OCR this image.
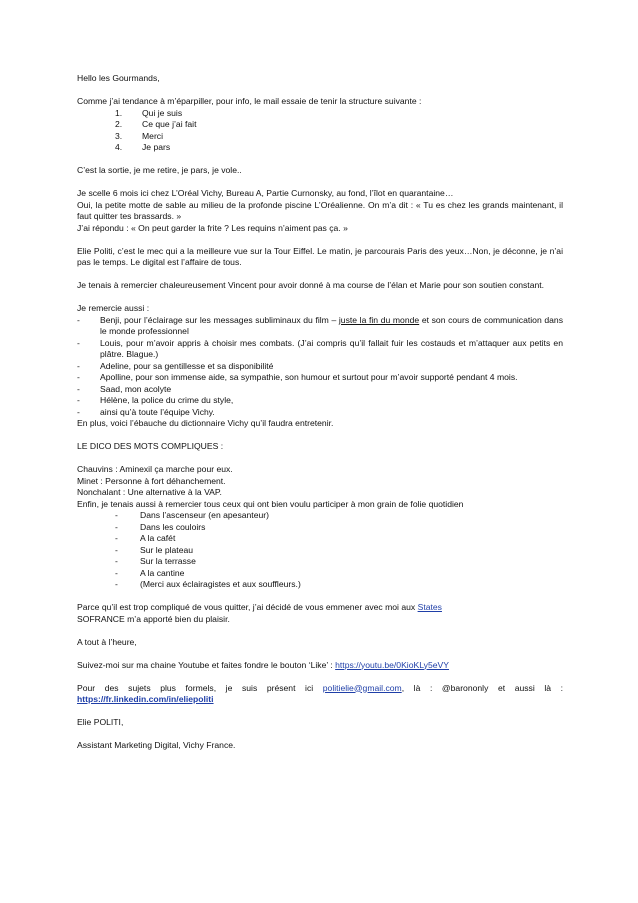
Hello les Gourmands,

Comme j’ai tendance à m’éparpiller, pour info, le mail essaie de tenir la structure suivante :

1.	Qui je suis
2.	Ce que j’ai fait
3.	Merci
4.	Je pars

C’est la sortie, je me retire, je pars, je vole..

Je scelle 6 mois ici chez L’Oréal Vichy, Bureau A, Partie Curnonsky, au fond, l’îlot en quarantaine…

Oui, la petite motte de sable au milieu de la profonde piscine L’Oréalienne. On m’a dit : « Tu es chez les grands maintenant, il faut quitter tes brassards. »

J’ai répondu : « On peut garder la frite ? Les requins n’aiment pas ça. »

Elie Politi, c’est le mec qui a la meilleure vue sur la Tour Eiffel. Le matin, je parcourais Paris des yeux…Non, je déconne, je n’ai pas le temps. Le digital est l’affaire de tous.

Je tenais à remercier chaleureusement Vincent pour avoir donné à ma course de l’élan et Marie pour son soutien constant.

Je remercie aussi :

-	Benji, pour l’éclairage sur les messages subliminaux du film – juste la fin du monde et son cours de communication dans le monde professionnel
-	Louis, pour m’avoir appris à choisir mes combats. (J’ai compris qu’il fallait fuir les costauds et m’attaquer aux petits en plâtre. Blague.)
-	Adeline, pour sa gentillesse et sa disponibilité
-	Apolline, pour son immense aide, sa sympathie, son humour et surtout pour m’avoir supporté pendant 4 mois.
-	Saad, mon acolyte
-	Hélène, la police du crime du style,
-	ainsi qu’à toute l’équipe Vichy.

En plus, voici l’ébauche du dictionnaire Vichy qu’il faudra entretenir.

LE DICO DES MOTS COMPLIQUES :

Chauvins : Aminexil ça marche pour eux.

Minet : Personne à fort déhanchement.

Nonchalant : Une alternative à la VAP.

Enfin, je tenais aussi à remercier tous ceux qui ont bien voulu participer à mon grain de folie quotidien

-	Dans l’ascenseur (en apesanteur)
-	Dans les couloirs
-	A la cafét
-	Sur le plateau
-	Sur la terrasse
-	A la cantine
-	(Merci aux éclairagistes et aux souffleurs.)

Parce qu’il est trop compliqué de vous quitter, j’ai décidé de vous emmener avec moi aux States

SOFRANCE m’a apporté bien du plaisir.

A tout à l’heure,

Suivez-moi sur ma chaine Youtube et faites fondre le bouton ‘Like’ : https://youtu.be/0KioKLy5eVY

Pour des sujets plus formels, je suis présent ici politielie@gmail.com, là : @barononly et aussi là :

https://fr.linkedin.com/in/eliepoliti

Elie POLITI,

Assistant Marketing Digital, Vichy France.
